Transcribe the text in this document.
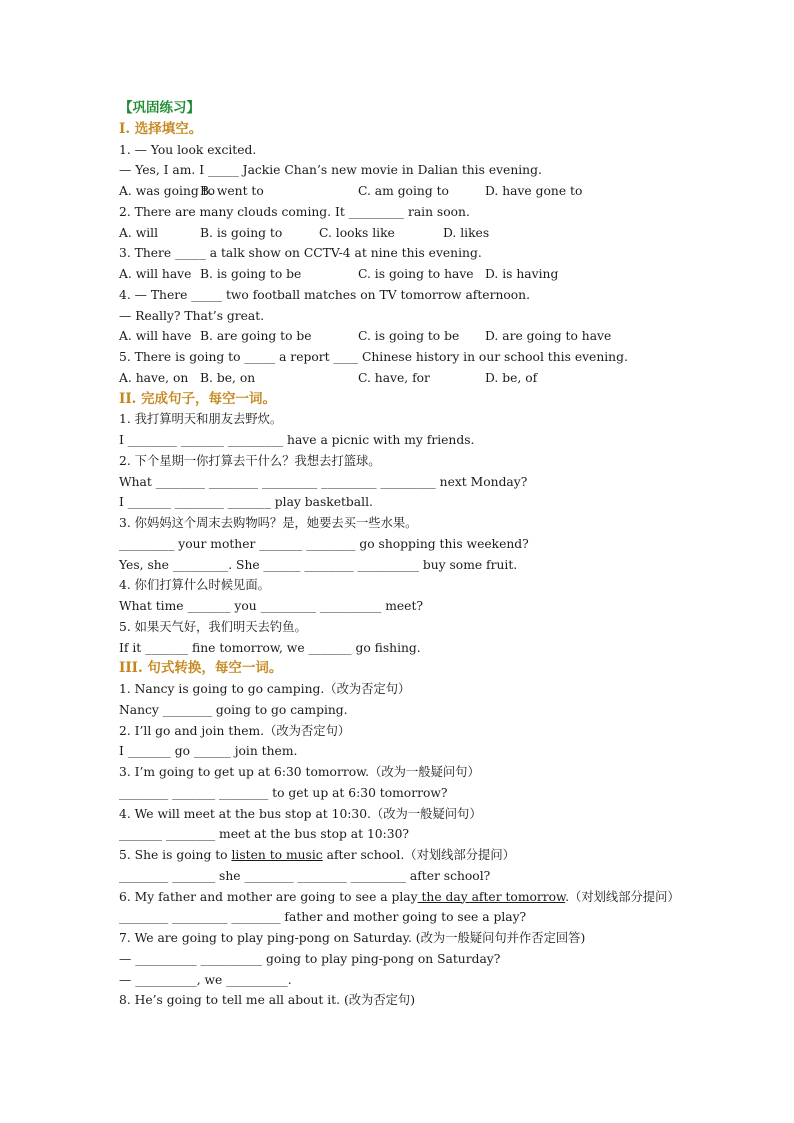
【巩固练习】
I. 选择填空。
1. — You look excited.
— Yes, I am. I _____ Jackie Chan’s new movie in Dalian this evening.
A. was going to
B. went to	C. am going to	D. have gone to
2. There are many clouds coming. It _________ rain soon.
A. will	B. is going to	C. looks like	D. likes
3. There _____ a talk show on CCTV-4 at nine this evening.
A. will have B. is going to be	C. is going to have D. is having
4. — There _____ two football matches on TV tomorrow afternoon.
— Really? That’s great.
A. will have B. are going to be	C. is going to be D. are going to have
5. There is going to _____ a report ____ Chinese history in our school this evening.
A. have, on B. be, on	C. have, for	D. be, of
II. 完成句子，每空一词。
1. 我打算明天和朋友去野炊。
I ________ _______ _________ have a picnic with my friends.
2. 下个星期一你打算去干什么？我想去打篮球。
What ________ ________ _________ _________ _________ next Monday?
I _______ ________ _______ play basketball.
3. 你妈妈这个周末去购物吗？是，她要去买一些水果。
_________ your mother _______ ________ go shopping this weekend?
Yes, she _________. She ______ ________ __________ buy some fruit.
4. 你们打算什么时候见面。
What time _______ you _________ __________ meet?
5. 如果天气好，我们明天去钓鱼。
If it _______ fine tomorrow, we _______ go fishing.
III. 句式转换，每空一词。
1. Nancy is going to go camping.（改为否定句）
Nancy ________ going to go camping.
2. I’ll go and join them.（改为否定句）
I _______ go ______ join them.
3. I’m going to get up at 6:30 tomorrow.（改为一般疑问句）
________ _______ ________ to get up at 6:30 tomorrow?
4. We will meet at the bus stop at 10:30.（改为一般疑问句）
_______ ________ meet at the bus stop at 10:30?
5. She is going to listen to music after school.（对划线部分提问）
________ _______ she ________ ________ _________ after school?
6. My father and mother are going to see a play the day after tomorrow.（对划线部分提问）
________ _________ ________ father and mother going to see a play?
7. We are going to play ping-pong on Saturday. (改为一般疑问句并作否定回答)
— __________ __________ going to play ping-pong on Saturday?
— __________, we __________.
8. He’s going to tell me all about it. (改为否定句)
